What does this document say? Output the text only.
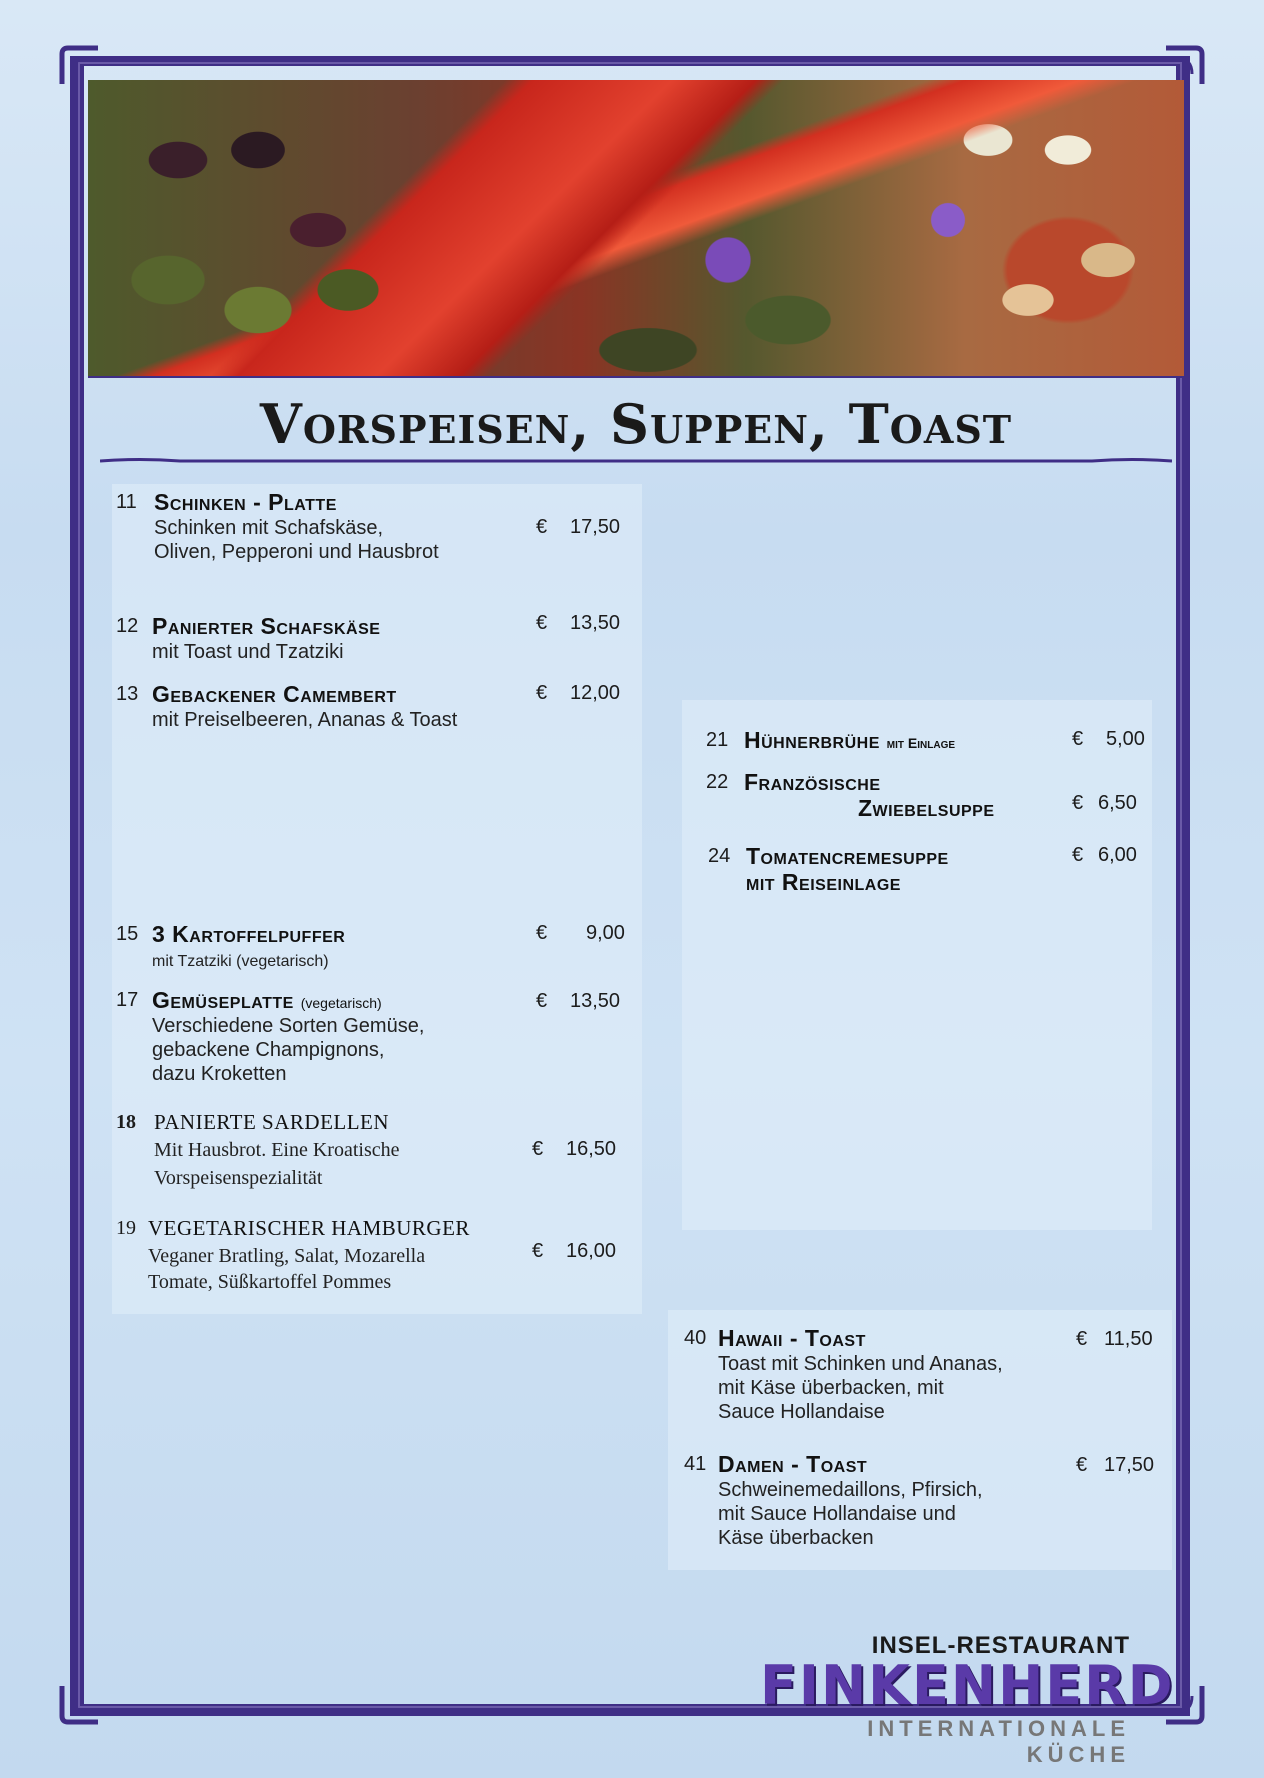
Vorspeisen, Suppen, Toast
11 Schinken - Platte
Schinken mit Schafskäse,
Oliven, Pepperoni und Hausbrot
€ 17,50
12 Panierter Schafskäse
mit Toast und Tzatziki
€ 13,50
13 Gebackener Camembert
mit Preiselbeeren, Ananas & Toast
€ 12,00
15 3 Kartoffelpuffer
mit Tzatziki (vegetarisch)
€ 9,00
17 Gemüseplatte (vegetarisch)
Verschiedene Sorten Gemüse,
gebackene Champignons,
dazu Kroketten
€ 13,50
18 PANIERTE SARDELLEN
Mit Hausbrot. Eine Kroatische
Vorspeisenspezialität
€ 16,50
19 VEGETARISCHER HAMBURGER
Veganer Bratling, Salat, Mozarella
Tomate, Süßkartoffel Pommes
€ 16,00
21 Hühnerbrühe mit Einlage	€ 5,00
22 Französische
Zwiebelsuppe	€ 6,50
24 Tomatencremesuppe
mit Reiseinlage
€ 6,00
40 Hawaii - Toast
Toast mit Schinken und Ananas,
mit Käse überbacken, mit
Sauce Hollandaise
€ 11,50
41 Damen - Toast
Schweinemedaillons, Pfirsich,
mit Sauce Hollandaise und
Käse überbacken
€ 17,50
INSEL-RESTAURANT
FINKENHERD
INTERNATIONALE KÜCHE
